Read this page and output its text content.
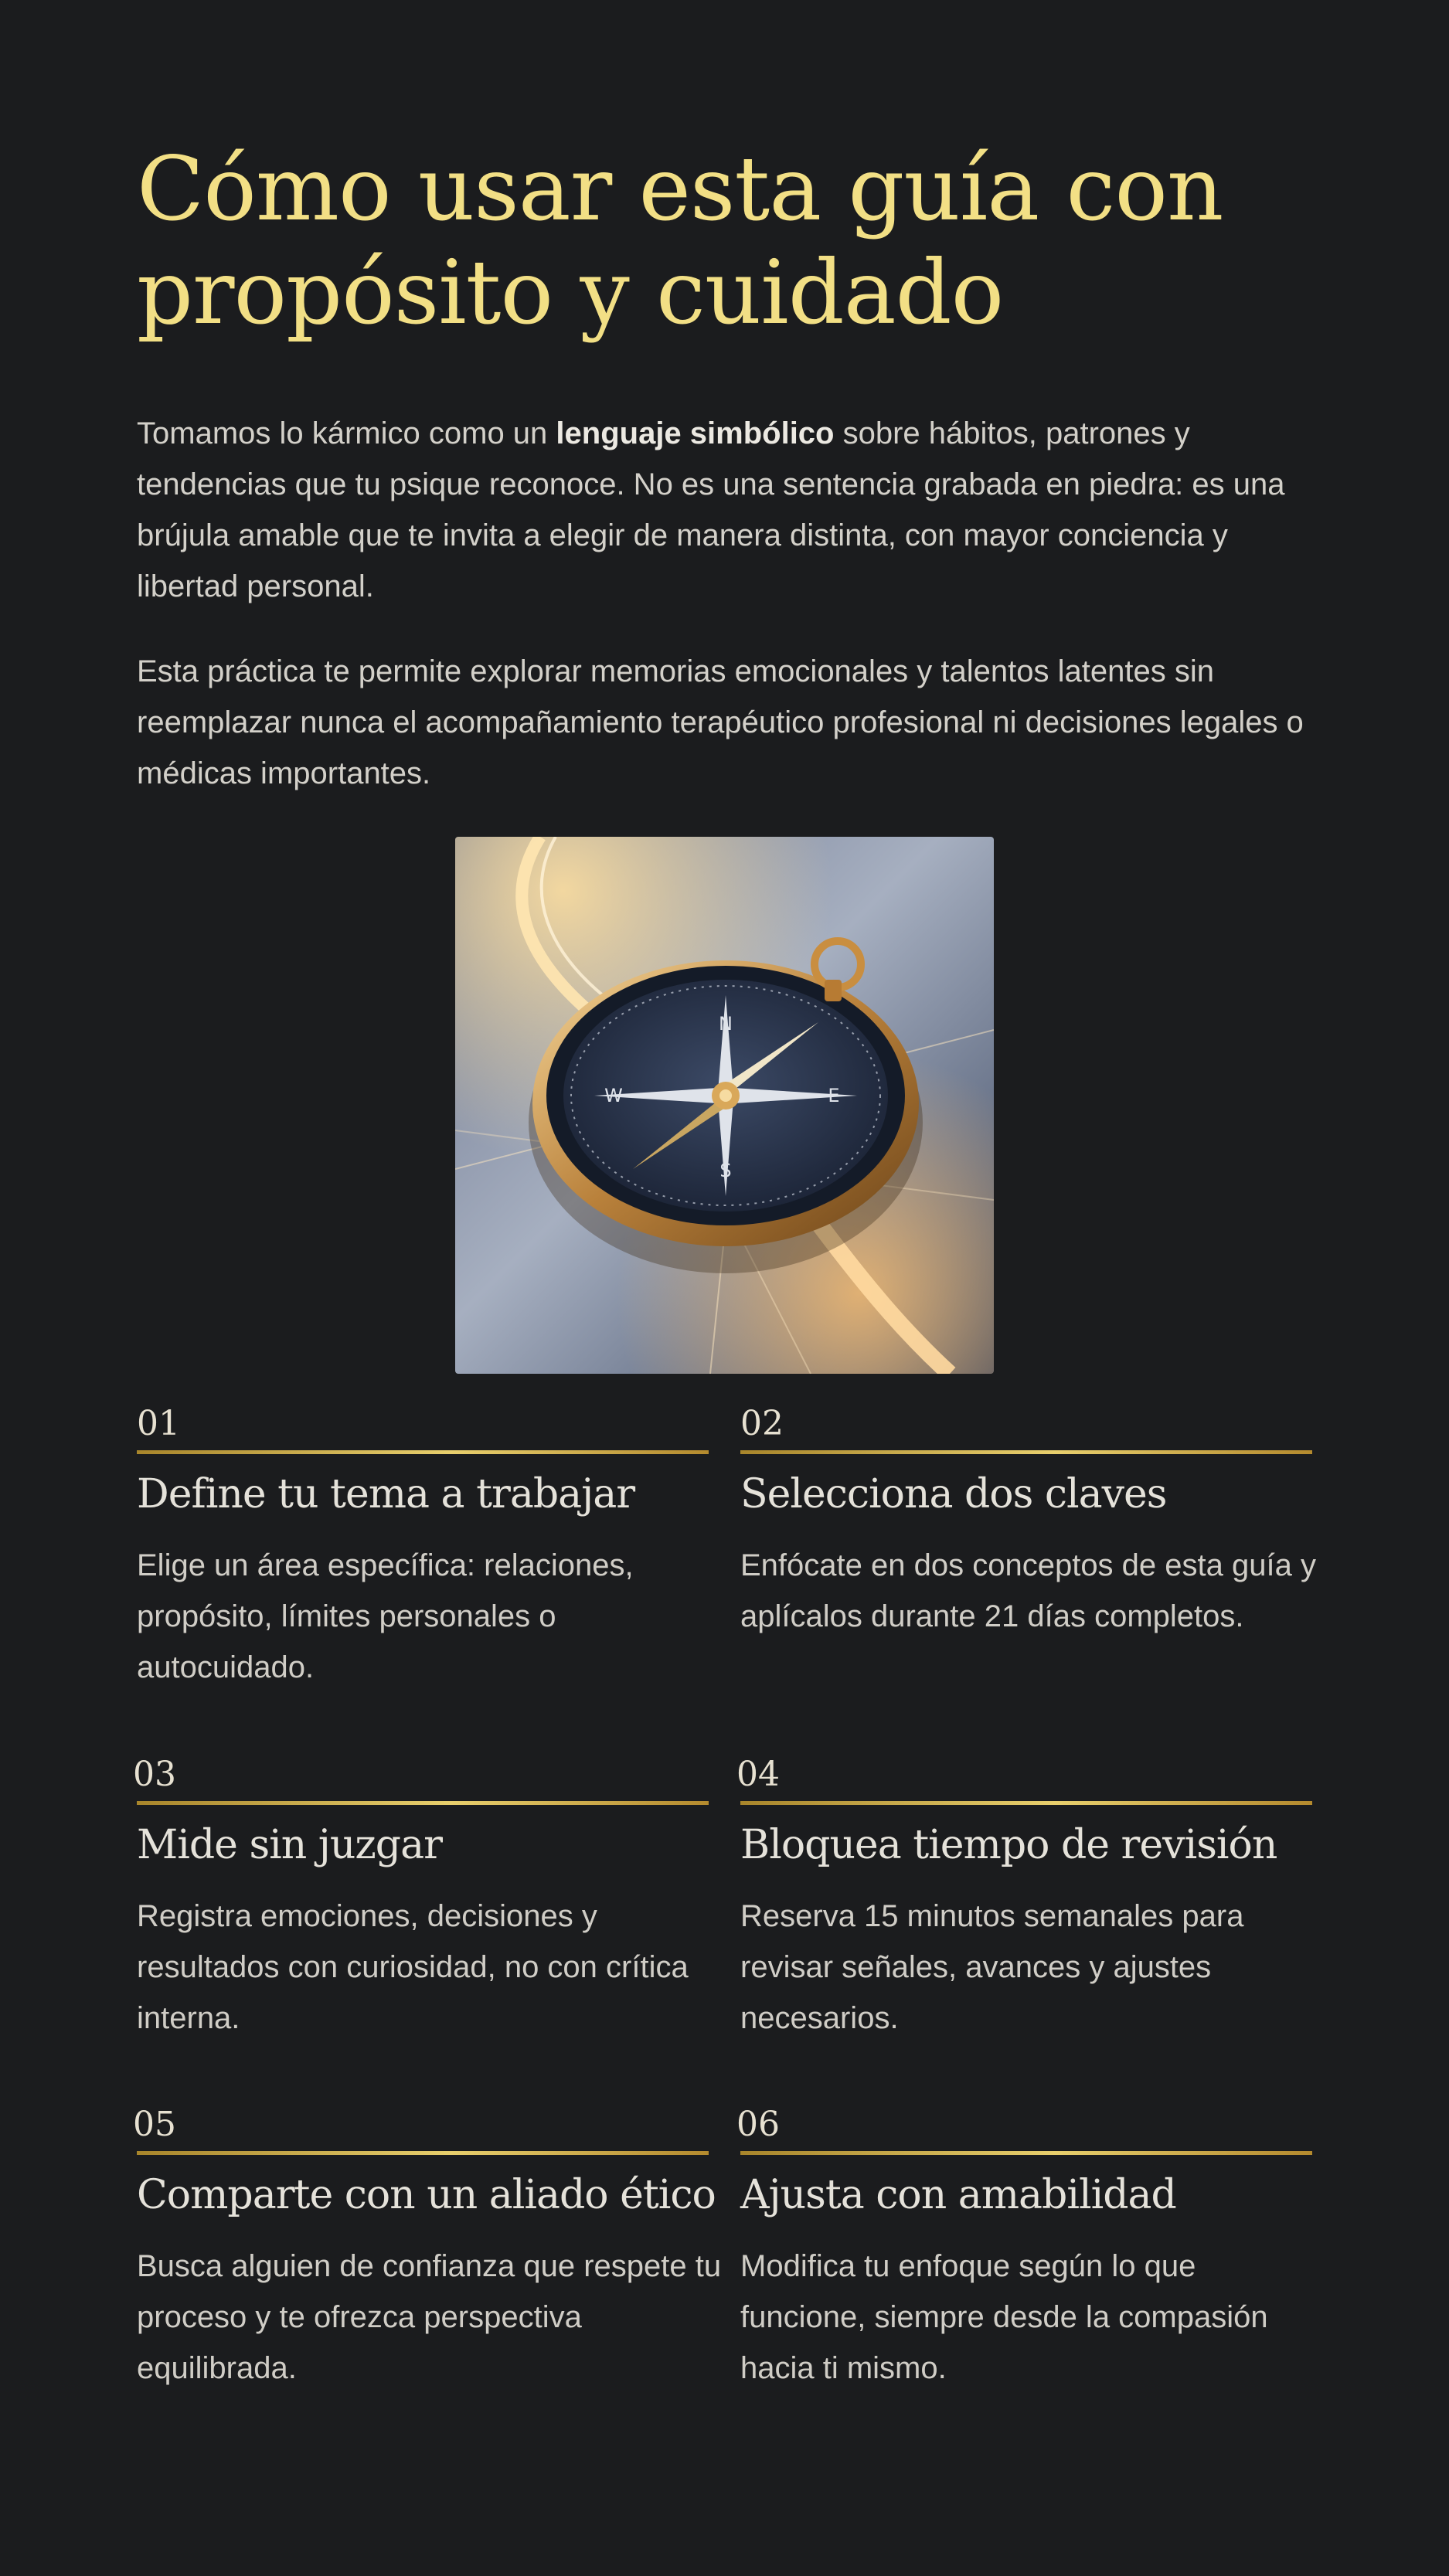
Cómo usar esta guía con
propósito y cuidado

Tomamos lo kármico como un lenguaje simbólico sobre hábitos, patrones y tendencias que tu psique reconoce. No es una sentencia grabada en piedra: es una brújula amable que te invita a elegir de manera distinta, con mayor conciencia y libertad personal.

Esta práctica te permite explorar memorias emocionales y talentos latentes sin reemplazar nunca el acompañamiento terapéutico profesional ni decisiones legales o médicas importantes.

N
S
E
W
01
Define tu tema a trabajar

Elige un área específica: relaciones, propósito, límites personales o autocuidado.

02
Selecciona dos claves

Enfócate en dos conceptos de esta guía y aplícalos durante 21 días completos.

03
Mide sin juzgar

Registra emociones, decisiones y resultados con curiosidad, no con crítica interna.

04
Bloquea tiempo de revisión

Reserva 15 minutos semanales para revisar señales, avances y ajustes necesarios.

05
Comparte con un aliado ético

Busca alguien de confianza que respete tu proceso y te ofrezca perspectiva equilibrada.

06
Ajusta con amabilidad

Modifica tu enfoque según lo que funcione, siempre desde la compasión hacia ti mismo.
